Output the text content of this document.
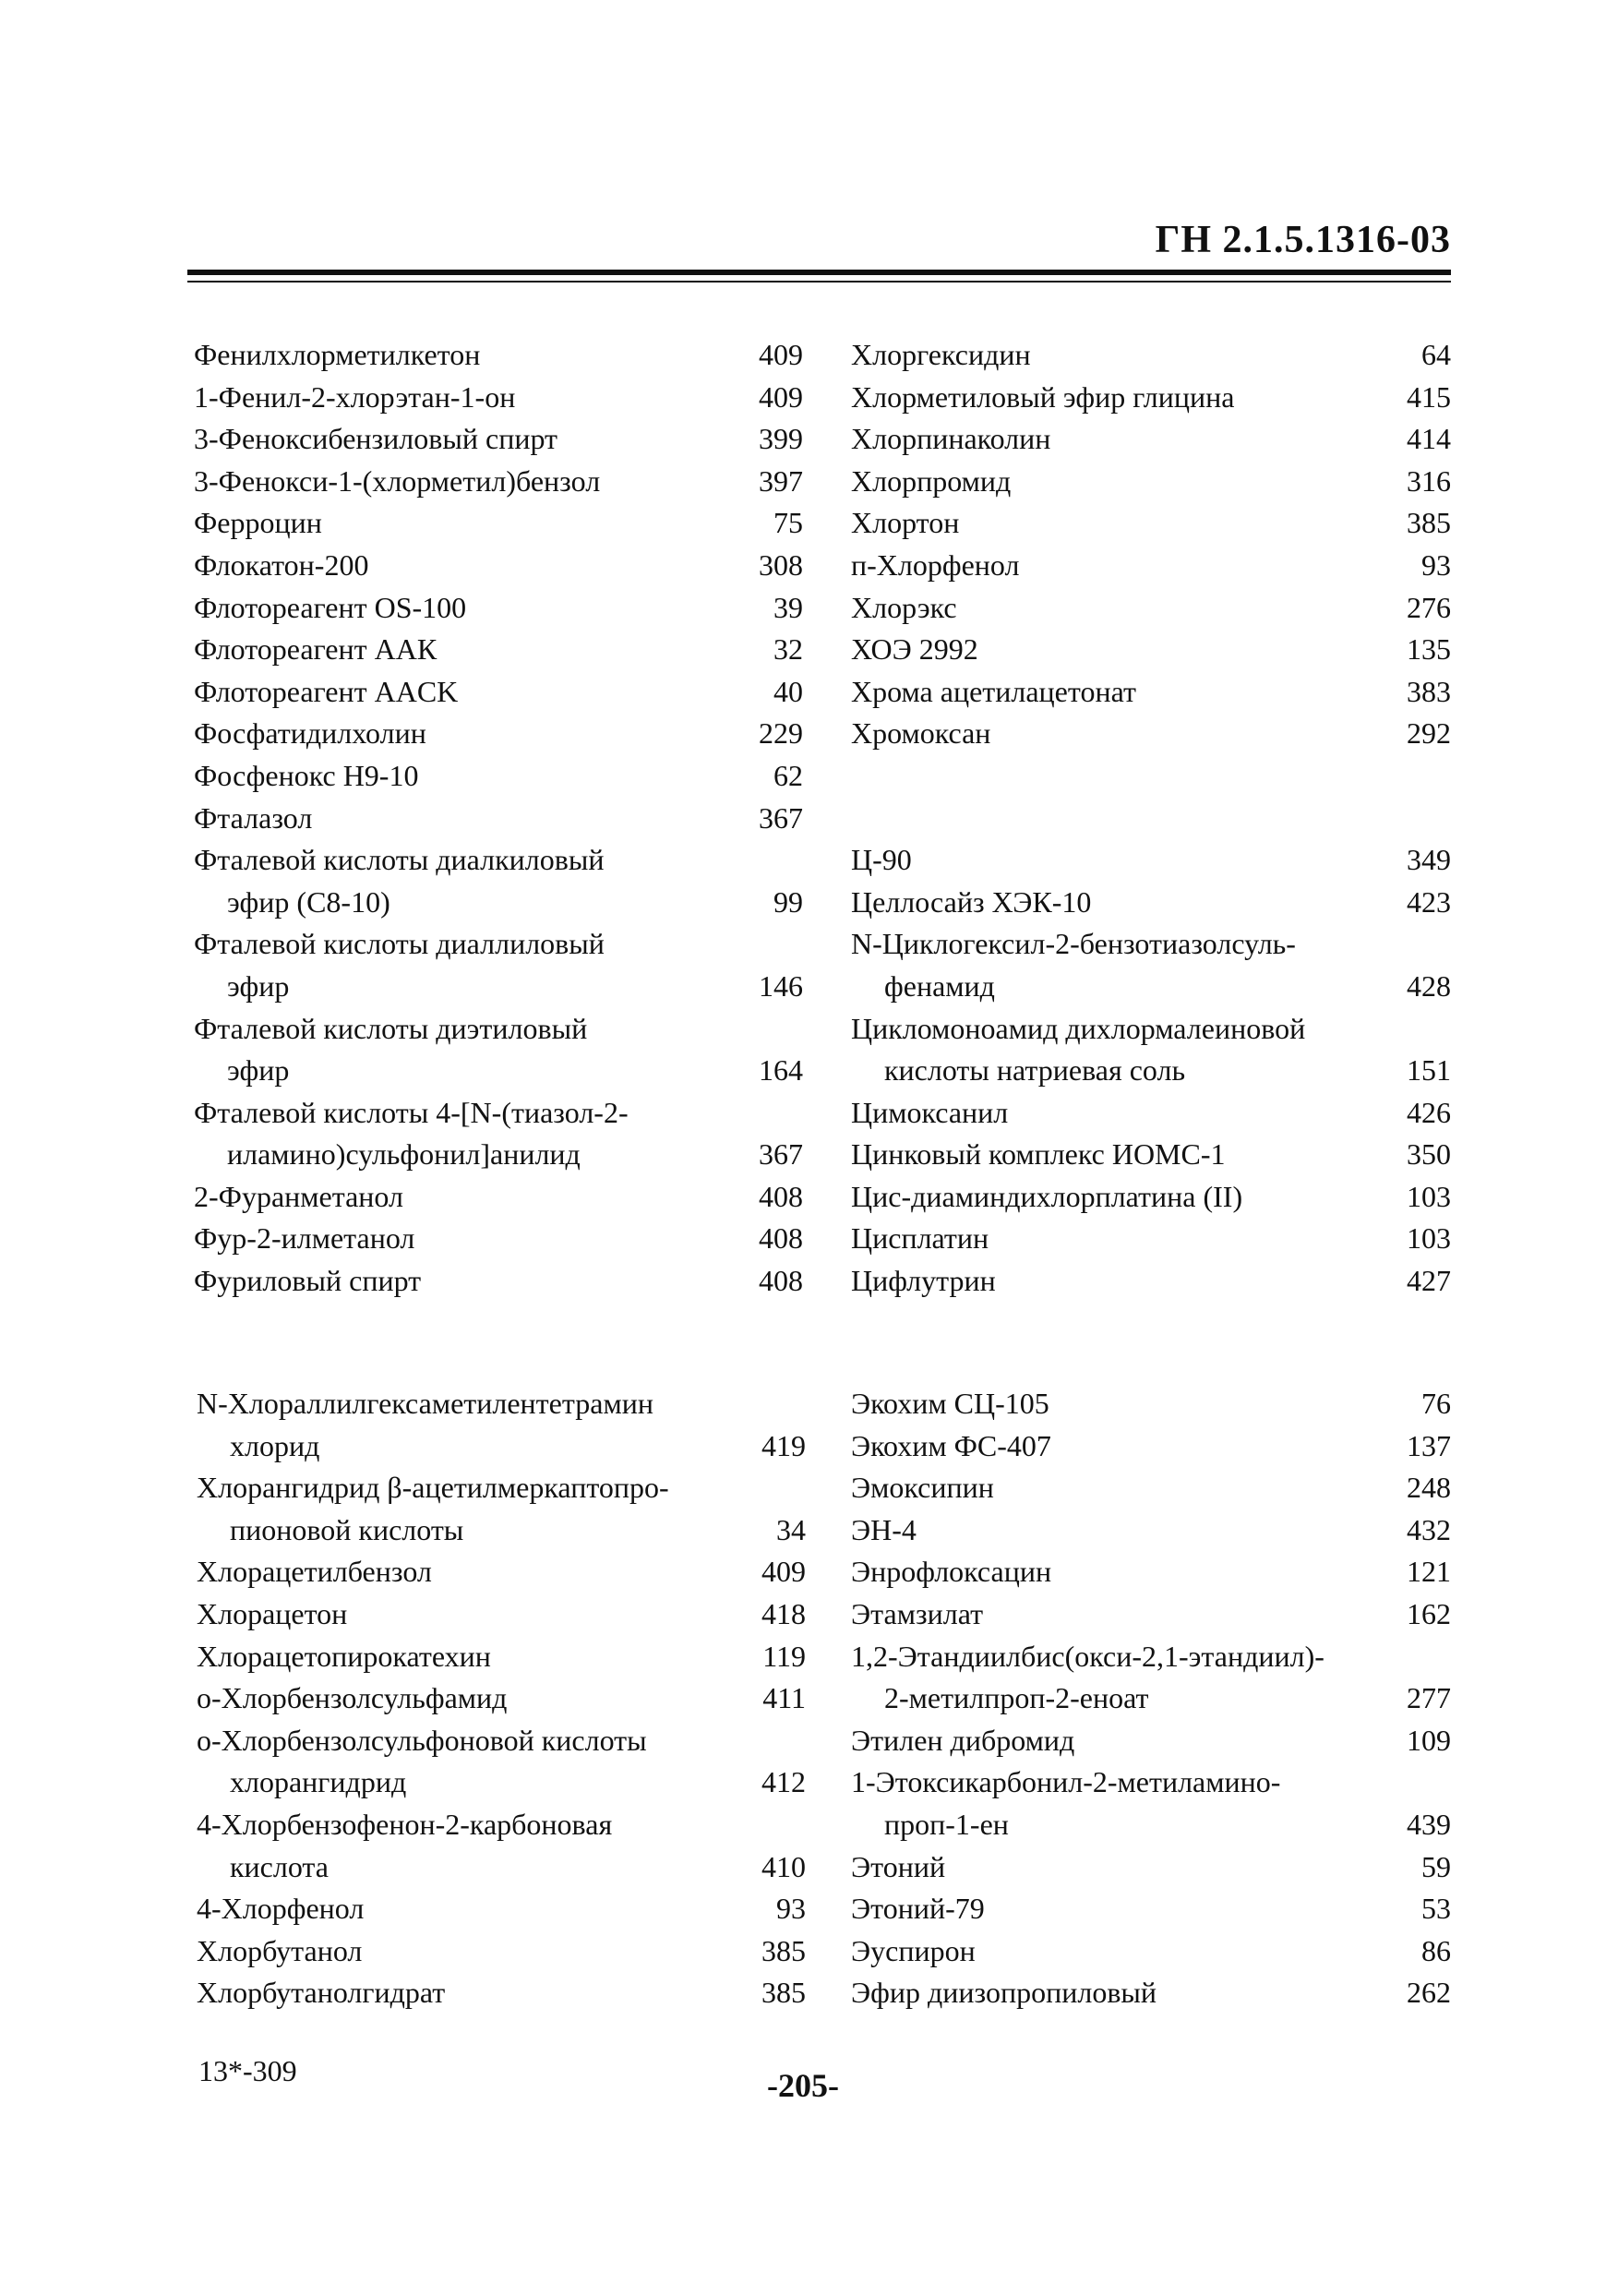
ГН 2.1.5.1316-03
Фенилхлорметилкетон	409
1-Фенил-2-хлорэтан-1-он	409
3-Феноксибензиловый спирт	399
3-Фенокси-1-(хлорметил)бензол	397
Ферроцин	75
Флокатон-200	308
Флотореагент OS-100	39
Флотореагент ААК	32
Флотореагент AACK	40
Фосфатидилхолин	229
Фосфенокс Н9-10	62
Фталазол	367
Фталевой кислоты диалкиловый
эфир (С8-10)	99
Фталевой кислоты диаллиловый
эфир	146
Фталевой кислоты диэтиловый
эфир	164
Фталевой кислоты 4-[N-(тиазол-2-
иламино)сульфонил]анилид	367
2-Фуранметанол	408
Фур-2-илметанол	408
Фуриловый спирт	408
Хлоргексидин	64
Хлорметиловый эфир глицина	415
Хлорпинаколин	414
Хлорпромид	316
Хлортон	385
п-Хлорфенол	93
Хлорэкс	276
ХОЭ 2992	135
Хрома ацетилацетонат	383
Хромоксан	292
Ц-90	349
Целлосайз ХЭК-10	423
N-Циклогексил-2-бензотиазолсуль-
фенамид	428
Цикломоноамид дихлормалеиновой
кислоты натриевая соль	151
Цимоксанил	426
Цинковый комплекс ИОМС-1	350
Цис-диаминдихлорплатина (II)	103
Цисплатин	103
Цифлутрин	427
N-Хлораллилгексаметилентетрамин
хлорид	419
Хлорангидрид β-ацетилмеркаптопро-
пионовой кислоты	34
Хлорацетилбензол	409
Хлорацетон	418
Хлорацетопирокатехин	119
о-Хлорбензолсульфамид	411
о-Хлорбензолсульфоновой кислоты
хлорангидрид	412
4-Хлорбензофенон-2-карбоновая
кислота	410
4-Хлорфенол	93
Хлорбутанол	385
Хлорбутанолгидрат	385
Экохим СЦ-105	76
Экохим ФС-407	137
Эмоксипин	248
ЭН-4	432
Энрофлоксацин	121
Этамзилат	162
1,2-Этандиилбис(окси-2,1-этандиил)-
2-метилпроп-2-еноат	277
Этилен дибромид	109
1-Этоксикарбонил-2-метиламино-
проп-1-ен	439
Этоний	59
Этоний-79	53
Эуспирон	86
Эфир диизопропиловый	262
13*-309	-205-
